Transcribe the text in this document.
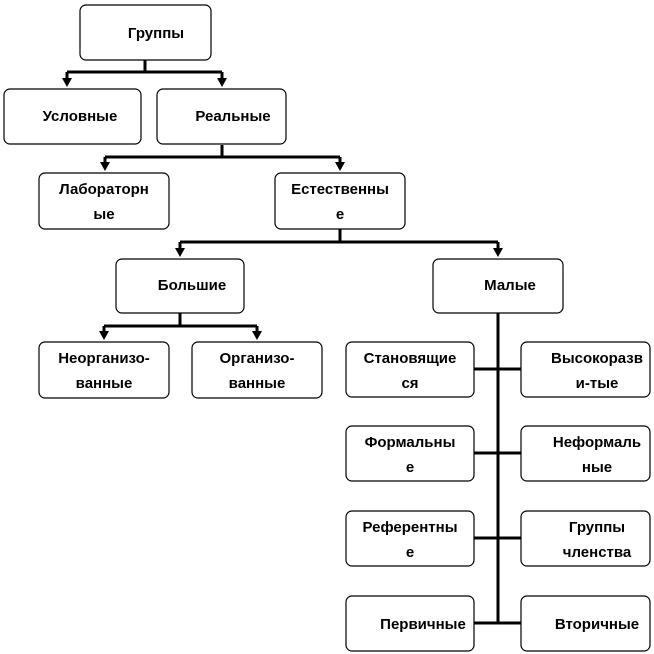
Группы
Условные	Реальные
Лабораторн
ые
Естественны
е
Большие	Малые
Неорганизо-
ванные
Организо-
ванные
Становящие
ся
Высокоразв
и-тые
Формальны
е
Неформаль
ные
Референтны
е
Группы
членства
Первичные	Вторичные
